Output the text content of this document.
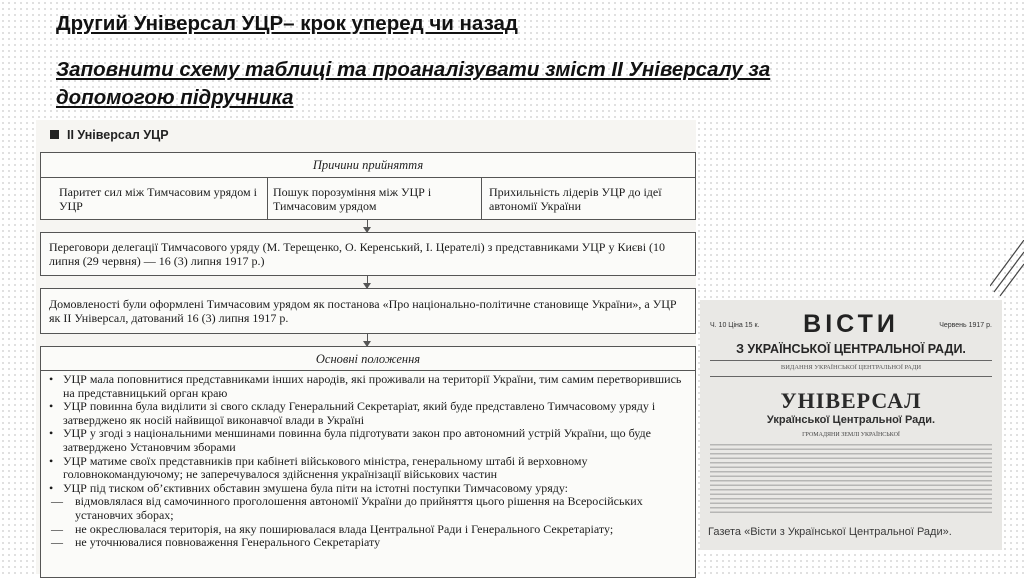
Другий Універсал УЦР– крок уперед чи назад
Заповнити схему таблиці та проаналізувати зміст ІІ Універсалу за допомогою підручника
ІІ Універсал УЦР
Причини прийняття
Паритет сил між Тимчасовим урядом і УЦР
Пошук порозуміння між УЦР і Тимчасовим урядом
Прихильність лідерів УЦР до ідеї автономії України
Переговори делегації Тимчасового уряду (М. Терещенко, О. Керенський, І. Церателі) з представниками УЦР у Києві (10 липня (29 червня) — 16 (3) липня 1917 р.)
Домовленості були оформлені Тимчасовим урядом як постанова «Про національно-політичне становище України», а УЦР як ІІ Універсал, датований 16 (3) липня 1917 р.
Основні положення
• УЦР мала поповнитися представниками інших народів, які проживали на території України, тим самим перетворившись на представницький орган краю
• УЦР повинна була виділити зі свого складу Генеральний Секретаріат, який буде представлено Тимчасовому уряду і затверджено як носій найвищої виконавчої влади в Україні
• УЦР у згоді з національними меншинами повинна була підготувати закон про автономний устрій України, що буде затверджено Установчим зборами
• УЦР матиме своїх представників при кабінеті військового міністра, генеральному штабі й верховному головнокомандуючому; не заперечувалося здійснення українізації військових частин
• УЦР під тиском об’єктивних обставин змушена була піти на істотні поступки Тимчасовому уряду:
— відмовлялася від самочинного проголошення автономії України до прийняття цього рішення на Всеросійських установчих зборах;
— не окреслювалася територія, на яку поширювалася влада Центральної Ради і Генерального Секретаріату;
— не уточнювалися повноваження Генерального Секретаріату
Ч. 10 Ціна 15 к.	ВІСТИ	Червень 1917 р.
З УКРАЇНСЬКОЇ ЦЕНТРАЛЬНОЇ РАДИ.
ВИДАННЯ УКРАЇНСЬКОЇ ЦЕНТРАЛЬНОЇ РАДИ
УНІВЕРСАЛ
Української Центральної Ради.
ГРОМАДЯНИ ЗЕМЛІ УКРАЇНСЬКОЇ
Газета «Вісти з Української Центральної Ради».
